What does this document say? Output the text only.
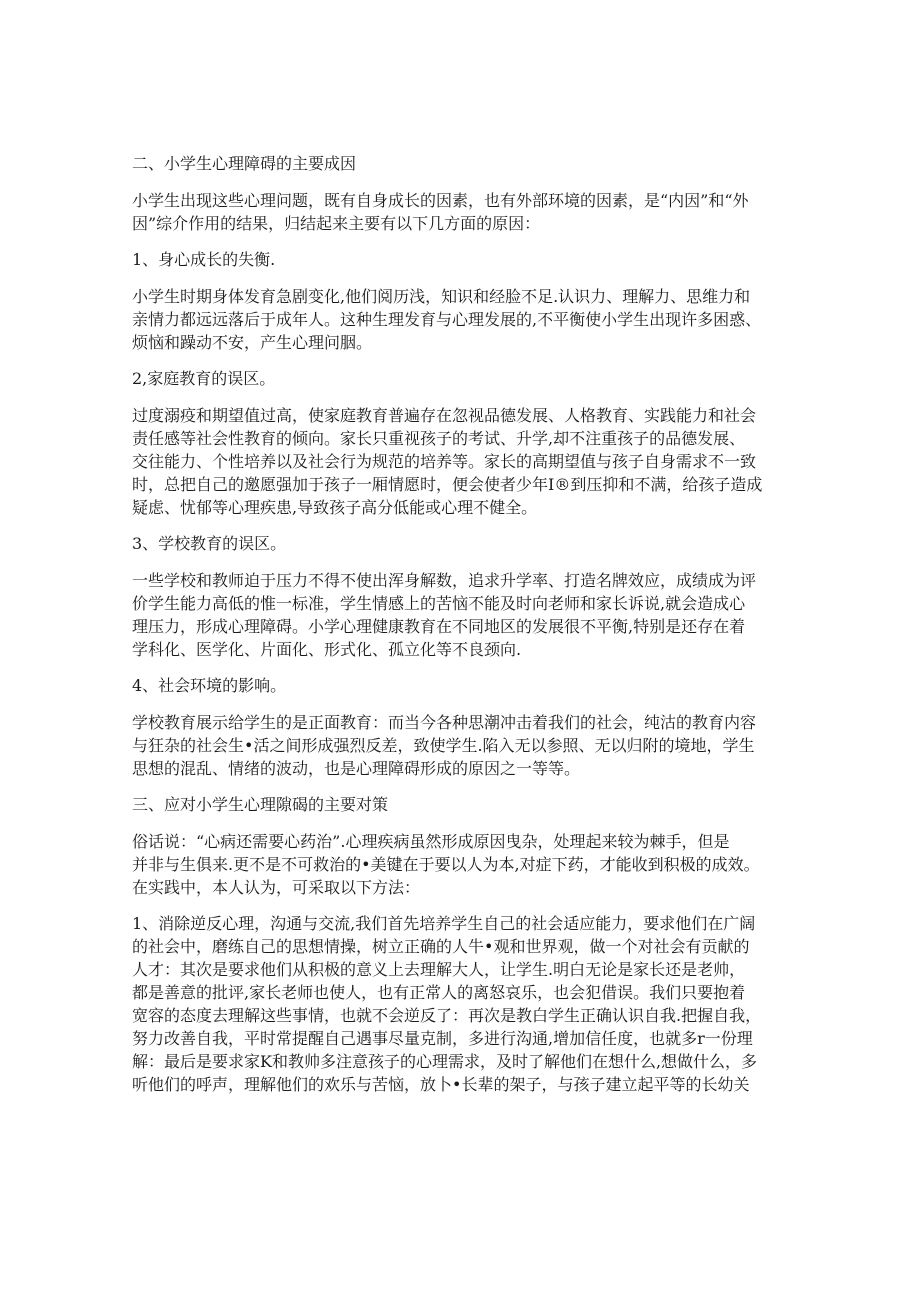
二、小学生心理障碍的主要成因
小学生出现这些心理问题，既有自身成长的因素，也有外部环境的因素，是“内因”和“外
因”综介作用的结果，归结起来主要有以下几方面的原因：
1、身心成长的失衡.
小学生时期身体发育急剧变化,他们阅历浅，知识和经脸不足.认识力、理解力、思维力和
亲情力都远远落后于成年人。这种生理发育与心理发展的,不平衡使小学生出现许多困惑、
烦恼和躁动不安，产生心理问胭。
2,家庭教育的误区。
过度溺疫和期望值过高，使家庭教育普遍存在忽视品德发展、人格教育、实践能力和社会
责任感等社会性教育的倾向。家长只重视孩子的考试、升学,却不注重孩子的品德发展、
交往能力、个性培养以及社会行为规范的培养等。家长的高期望值与孩子自身需求不一致
时，总把自己的邀愿强加于孩子一厢情愿时，便会使者少年I®到压抑和不满，给孩子造成
疑虑、忧郁等心理疾患,导致孩子高分低能或心理不健全。
3、学校教育的误区。
一些学校和教师迫于压力不得不使出浑身解数，追求升学率、打造名牌效应，成绩成为评
价学生能力高低的惟一标准，学生情感上的苦恼不能及时向老师和家长诉说,就会造成心
理压力，形成心理障碍。小学心理健康教育在不同地区的发展很不平衡,特别是还存在着
学科化、医学化、片面化、形式化、孤立化等不良颈向.
4、社会环境的影响。
学校教育展示给学生的是正面教育：而当今各种思潮冲击着我们的社会，纯沽的教育内容
与狂杂的社会生•活之间形成强烈反差，致使学生.陷入无以参照、无以归附的境地，学生
思想的混乱、情绪的波动，也是心理障碍形成的原因之一等等。
三、应对小学生心理隙碣的主要对策
俗话说：“心病还需要心药治”.心理疾病虽然形成原因曳杂，处理起来较为棘手，但是
并非与生俱来.更不是不可救治的•美键在于要以人为本,对症下药，才能收到积极的成效。
在实践中，本人认为，可采取以下方法：
1、消除逆反心理，沟通与交流,我们首先培养学生自己的社会适应能力，要求他们在广阔
的社会中，磨练自己的思想情操，树立正确的人牛•观和世界观，做一个对社会有贡献的
人才：其次是要求他们从积极的意义上去理解大人，让学生.明白无论是家长还是老帅，
都是善意的批评,家长老师也使人，也有正常人的离怒哀乐，也会犯借误。我们只要抱着
宽容的态度去理解这些事情，也就不会逆反了：再次是教白学生正确认识自我.把握自我，
努力改善自我，平时常提醒自己遇事尽量克制，多进行沟通,增加信任度，也就多r一份理
解：最后是要求家K和教帅多注意孩子的心理需求，及时了解他们在想什么,想做什么，多
听他们的呼声，理解他们的欢乐与苦恼，放卜•长辈的架子，与孩子建立起平等的长幼关
